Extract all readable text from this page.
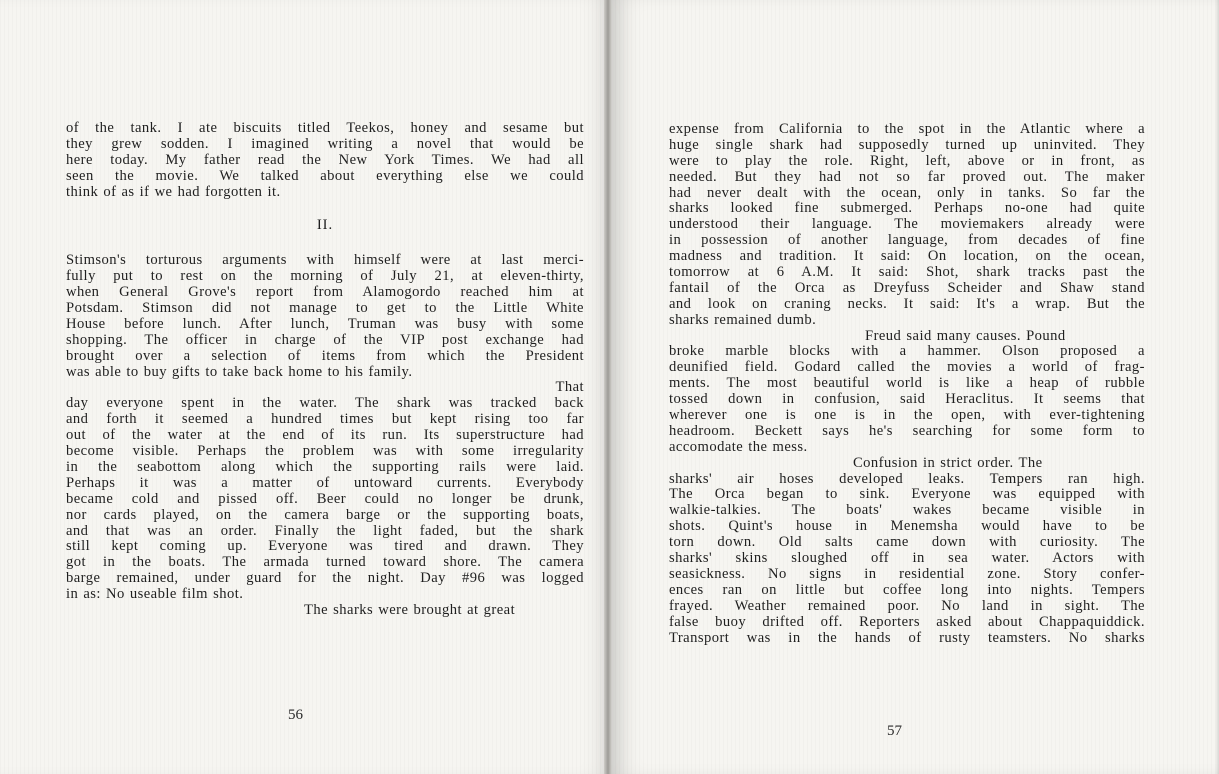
of the tank. I ate biscuits titled Teekos, honey and sesame but
they grew sodden. I imagined writing a novel that would be
here today. My father read the New York Times. We had all
seen the movie. We talked about everything else we could
think of as if we had forgotten it.
II.
Stimson's torturous arguments with himself were at last merci-
fully put to rest on the morning of July 21, at eleven-thirty,
when General Grove's report from Alamogordo reached him at
Potsdam. Stimson did not manage to get to the Little White
House before lunch. After lunch, Truman was busy with some
shopping. The officer in charge of the VIP post exchange had
brought over a selection of items from which the President
was able to buy gifts to take back home to his family.
That
day everyone spent in the water. The shark was tracked back
and forth it seemed a hundred times but kept rising too far
out of the water at the end of its run. Its superstructure had
become visible. Perhaps the problem was with some irregularity
in the seabottom along which the supporting rails were laid.
Perhaps it was a matter of untoward currents. Everybody
became cold and pissed off. Beer could no longer be drunk,
nor cards played, on the camera barge or the supporting boats,
and that was an order. Finally the light faded, but the shark
still kept coming up. Everyone was tired and drawn. They
got in the boats. The armada turned toward shore. The camera
barge remained, under guard for the night. Day #96 was logged
in as: No useable film shot.
The sharks were brought at great
56
expense from California to the spot in the Atlantic where a
huge single shark had supposedly turned up uninvited. They
were to play the role. Right, left, above or in front, as
needed. But they had not so far proved out. The maker
had never dealt with the ocean, only in tanks. So far the
sharks looked fine submerged. Perhaps no-one had quite
understood their language. The moviemakers already were
in possession of another language, from decades of fine
madness and tradition. It said: On location, on the ocean,
tomorrow at 6 A.M. It said: Shot, shark tracks past the
fantail of the Orca as Dreyfuss Scheider and Shaw stand
and look on craning necks. It said: It's a wrap. But the
sharks remained dumb.
Freud said many causes. Pound
broke marble blocks with a hammer. Olson proposed a
deunified field. Godard called the movies a world of frag-
ments. The most beautiful world is like a heap of rubble
tossed down in confusion, said Heraclitus. It seems that
wherever one is one is in the open, with ever-tightening
headroom. Beckett says he's searching for some form to
accomodate the mess.
Confusion in strict order. The
sharks' air hoses developed leaks. Tempers ran high.
The Orca began to sink. Everyone was equipped with
walkie-talkies. The boats' wakes became visible in
shots. Quint's house in Menemsha would have to be
torn down. Old salts came down with curiosity. The
sharks' skins sloughed off in sea water. Actors with
seasickness. No signs in residential zone. Story confer-
ences ran on little but coffee long into nights. Tempers
frayed. Weather remained poor. No land in sight. The
false buoy drifted off. Reporters asked about Chappaquiddick.
Transport was in the hands of rusty teamsters. No sharks
57
